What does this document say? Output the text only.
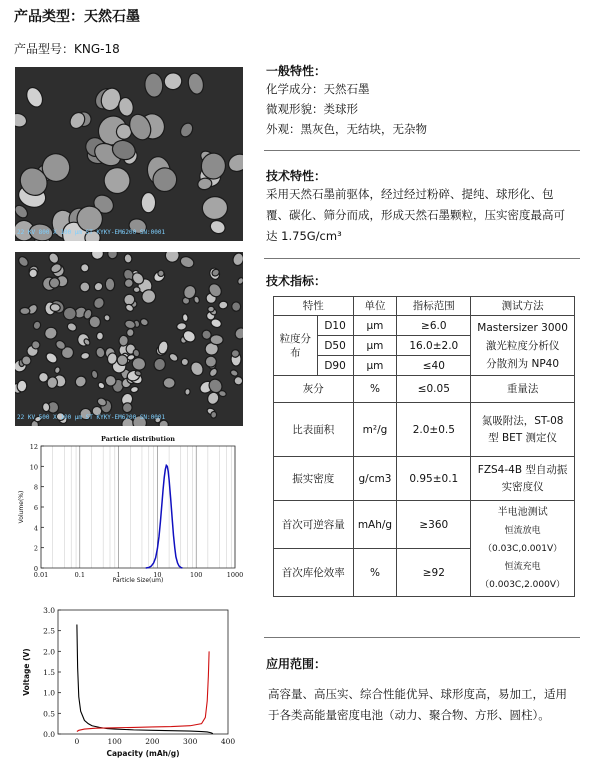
产品类型：天然石墨
产品型号：KNG-18
22 KV 800 X 100 µm ST KYKY-EM6200 SN:0001
22 KV 500 X 100 µm ST KYKY-EM6200 SN:0001
0
2
4
6
8
10
12
0.01	0.1	1	10	100	1000
Particle distribution
Particle Size(um)
Volume(%)
0.0
0.5
1.0
1.5
2.0
2.5
3.0
0	100	200	300	400
Capacity (mAh/g)
Voltage (V)
一般特性：
化学成分：天然石墨
微观形貌：类球形
外观：黑灰色，无结块，无杂物
技术特性：
采用天然石墨前驱体，经过经过粉碎、提纯、球形化、包
覆、碳化、筛分而成，形成天然石墨颗粒，压实密度最高可
达 1.75G/cm³
技术指标：
特性		单位	指标范围	测试方法
粒度分布	D10	µm	≥6.0	Mastersizer 3000
激光粒度分析仪
分散剂为 NP40

	D50	µm	16.0±2.0	
	D90	µm	≤40	
灰分		%	≤0.05	重量法
比表面积		m²/g	2.0±0.5	氮吸附法，ST-08
型 BET 测定仪

振实密度		g/cm3	0.95±0.1	FZS4-4B 型自动振
实密度仪

首次可逆容量		mAh/g	≥360	半电池测试
恒流放电
（0.03C,0.001V）
恒流充电
（0.003C,2.000V）

首次库伦效率		%	≥92	
应用范围：
高容量、高压实、综合性能优异、球形度高，易加工，适用
于各类高能量密度电池（动力、聚合物、方形、圆柱）。
